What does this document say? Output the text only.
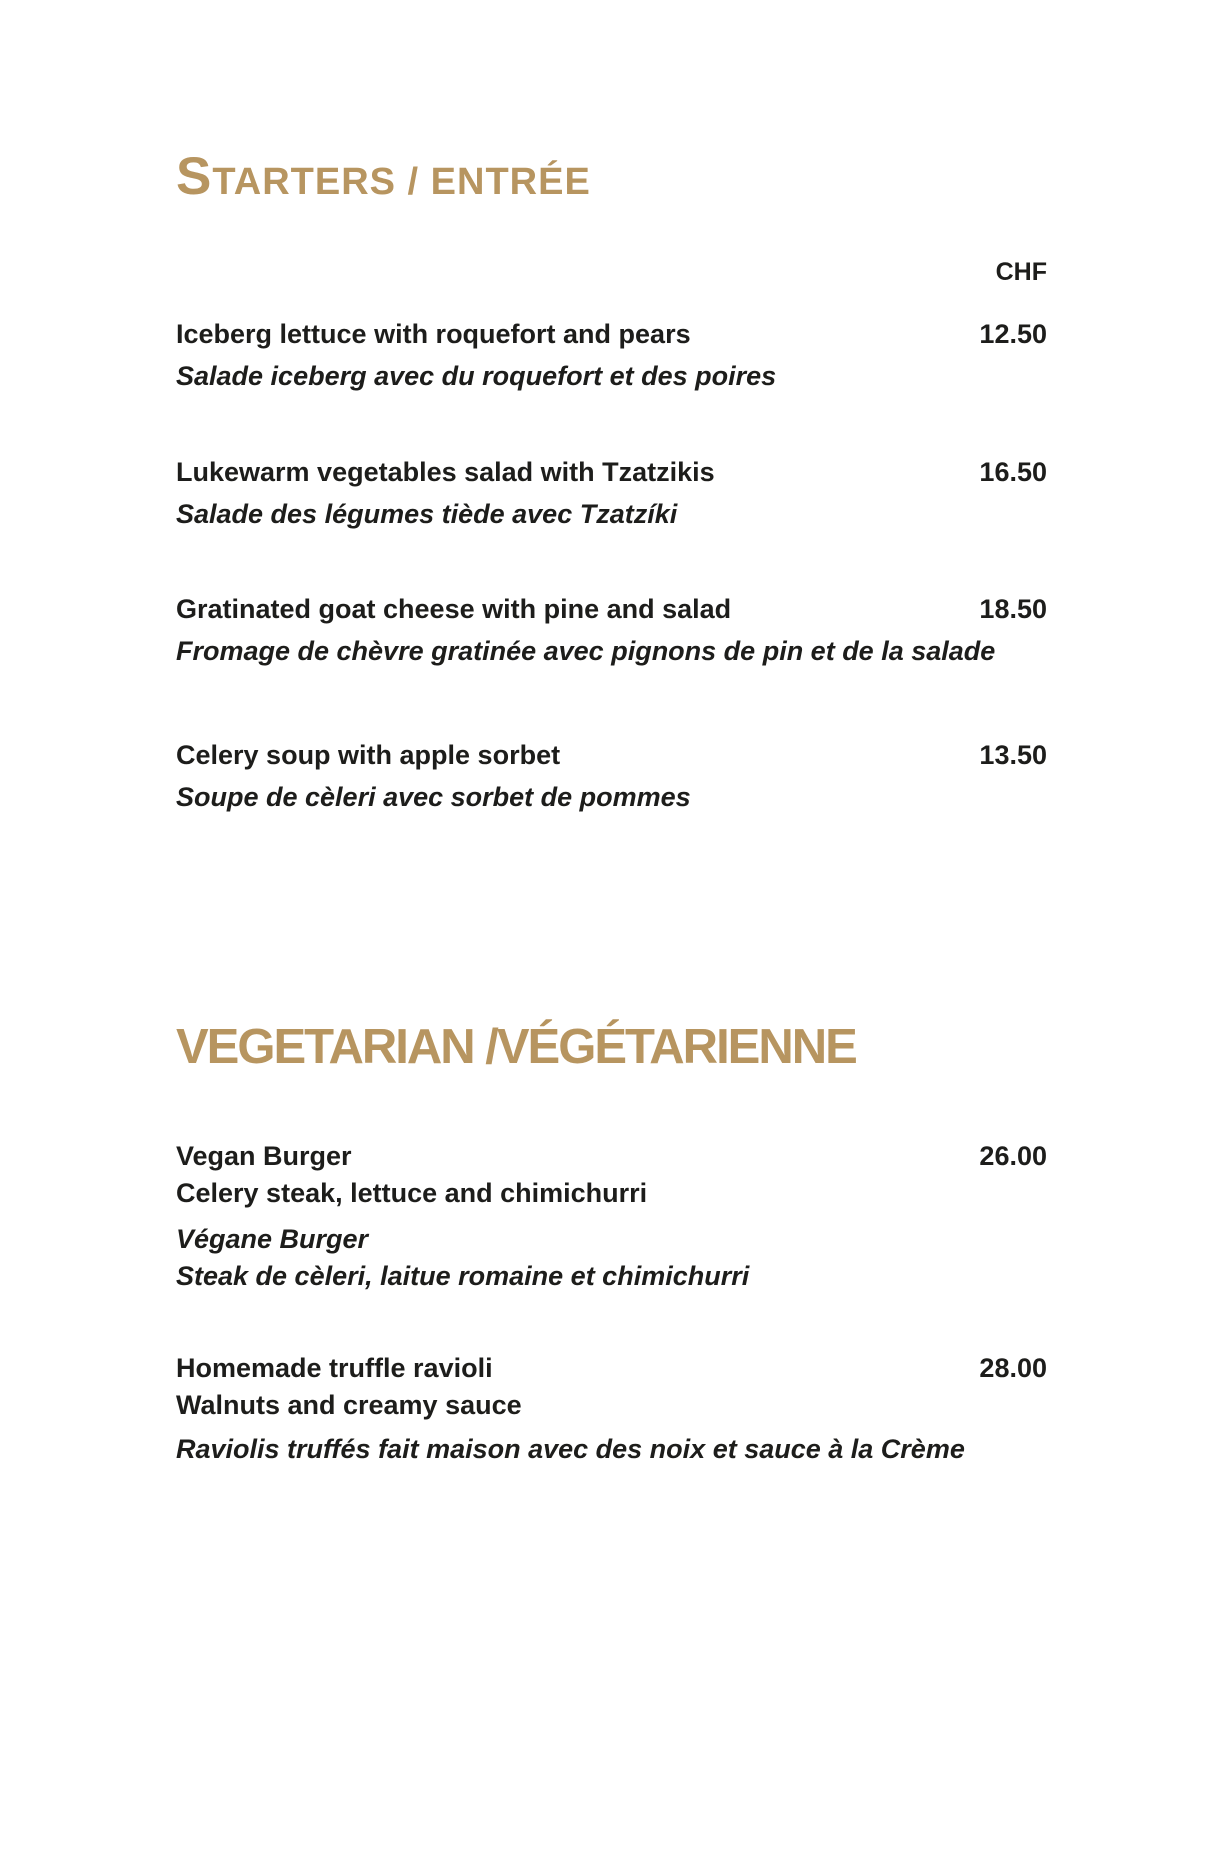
STARTERS / ENTRÉE
CHF
Iceberg lettuce with roquefort and pears	12.50
Salade iceberg avec du roquefort et des poires
Lukewarm vegetables salad with Tzatzikis	16.50
Salade des légumes tiède avec Tzatzíki
Gratinated goat cheese with pine and salad	18.50
Fromage de chèvre gratinée avec pignons de pin et de la salade
Celery soup with apple sorbet	13.50
Soupe de cèleri avec sorbet de pommes
VEGETARIAN /VÉGÉTARIENNE
Vegan Burger	26.00
Celery steak, lettuce and chimichurri
Végane Burger
Steak de cèleri, laitue romaine et chimichurri
Homemade truffle ravioli	28.00
Walnuts and creamy sauce
Raviolis truffés fait maison avec des noix et sauce à la Crème
